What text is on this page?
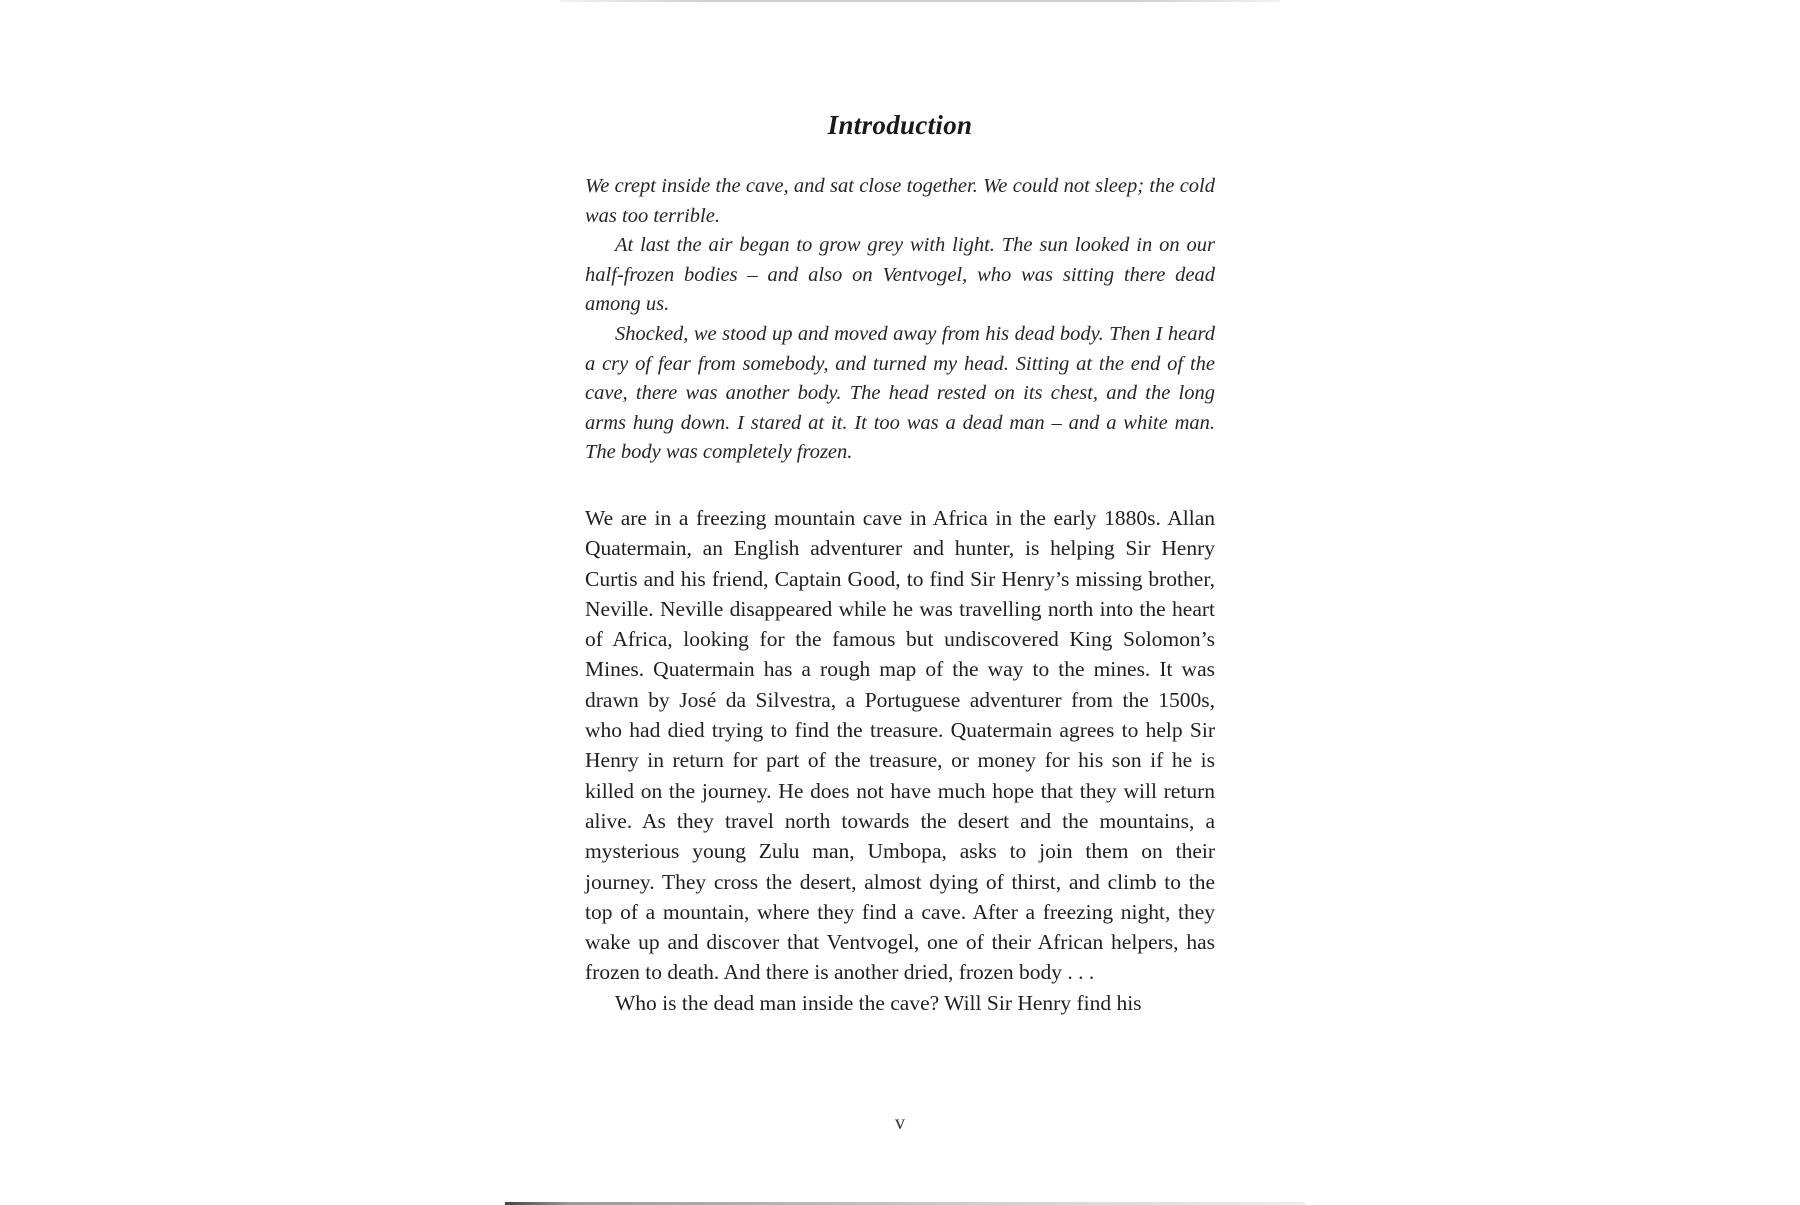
Introduction

We crept inside the cave, and sat close together. We could not sleep; the cold was too terrible.

At last the air began to grow grey with light. The sun looked in on our half-frozen bodies – and also on Ventvogel, who was sitting there dead among us.

Shocked, we stood up and moved away from his dead body. Then I heard a cry of fear from somebody, and turned my head. Sitting at the end of the cave, there was another body. The head rested on its chest, and the long arms hung down. I stared at it. It too was a dead man – and a white man. The body was completely frozen.

We are in a freezing mountain cave in Africa in the early 1880s. Allan Quatermain, an English adventurer and hunter, is helping Sir Henry Curtis and his friend, Captain Good, to find Sir Henry’s missing brother, Neville. Neville disappeared while he was travelling north into the heart of Africa, looking for the famous but undiscovered King Solomon’s Mines. Quatermain has a rough map of the way to the mines. It was drawn by José da Silvestra, a Portuguese adventurer from the 1500s, who had died trying to find the treasure. Quatermain agrees to help Sir Henry in return for part of the treasure, or money for his son if he is killed on the journey. He does not have much hope that they will return alive. As they travel north towards the desert and the mountains, a mysterious young Zulu man, Umbopa, asks to join them on their journey. They cross the desert, almost dying of thirst, and climb to the top of a mountain, where they find a cave. After a freezing night, they wake up and discover that Ventvogel, one of their African helpers, has frozen to death. And there is another dried, frozen body . . .

Who is the dead man inside the cave? Will Sir Henry find his

v
